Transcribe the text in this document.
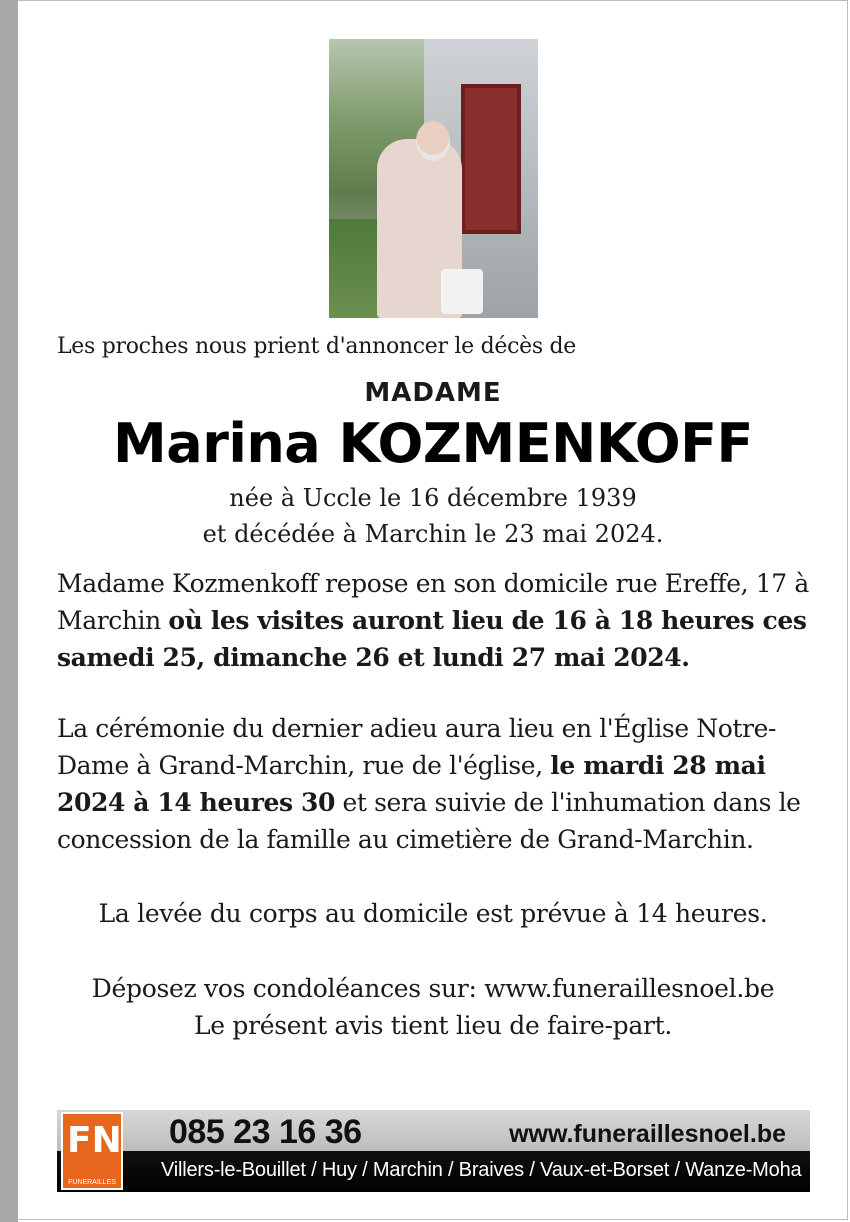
Les proches nous prient d'annoncer le décès de
MADAME
Marina KOZMENKOFF
née à Uccle le 16 décembre 1939
et décédée à Marchin le 23 mai 2024.
Madame Kozmenkoff repose en son domicile rue Ereffe, 17 à Marchin où les visites auront lieu de 16 à 18 heures ces samedi 25, dimanche 26 et lundi 27 mai 2024.
La cérémonie du dernier adieu aura lieu en l'Église Notre-Dame à Grand-Marchin, rue de l'église, le mardi 28 mai 2024 à 14 heures 30 et sera suivie de l'inhumation dans le concession de la famille au cimetière de Grand-Marchin.
La levée du corps au domicile est prévue à 14 heures.
Déposez vos condoléances sur: www.funeraillesnoel.be
Le présent avis tient lieu de faire-part.
FN
FUNERAILLES
085 23 16 36	www.funeraillesnoel.be
Villers-le-Bouillet / Huy / Marchin / Braives / Vaux-et-Borset / Wanze-Moha
